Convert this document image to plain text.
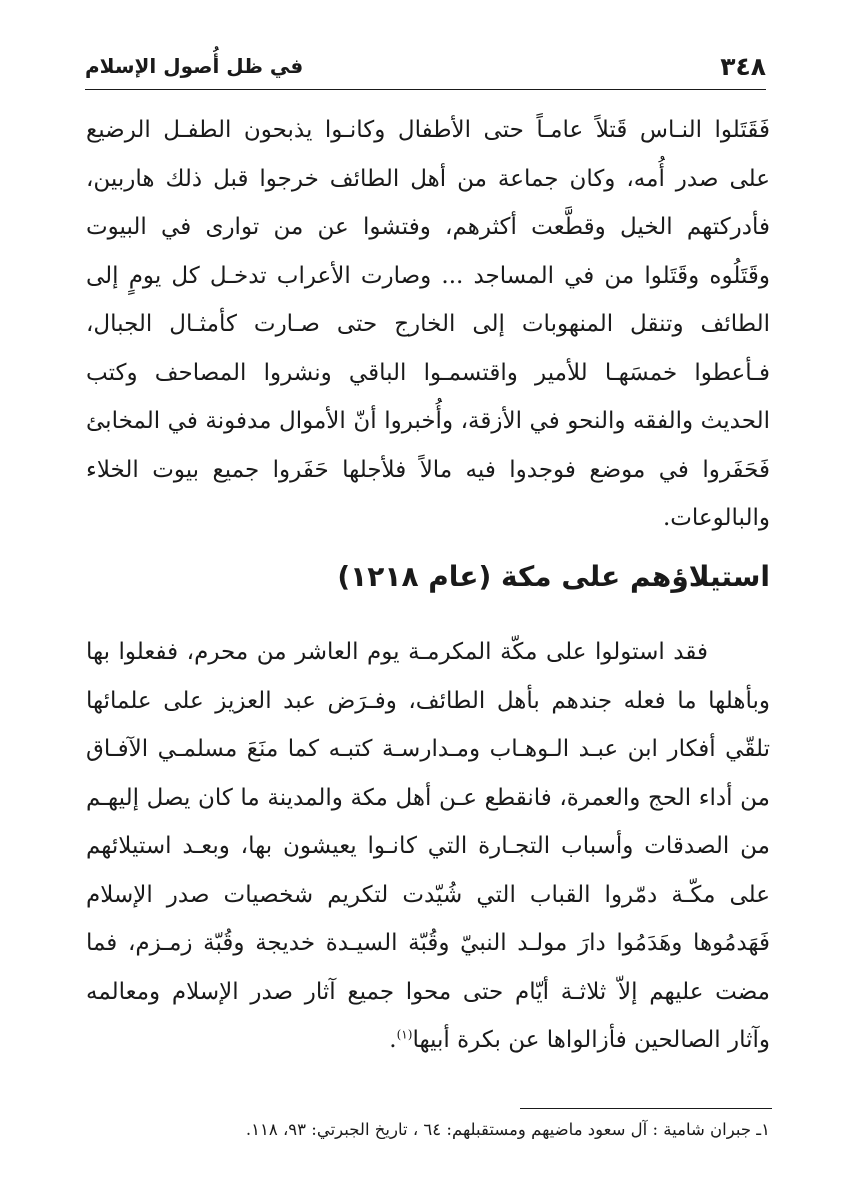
٣٤٨
في ظل أُصول الإسلام

فَقَتَلوا النـاس قَتلاً عامـاً حتى الأطفال وكانـوا يذبحون الطفـل الرضيع على صدر أُمه، وكان جماعة من أهل الطائف خرجوا قبل ذلك هاربين، فأدركتهم الخيل وقطَّعت أكثرهم، وفتشوا عن من توارى في البيوت وقَتَلُوه وقَتَلوا من في المساجد ... وصارت الأعراب تدخـل كل يومٍ إلى الطائف وتنقل المنهوبات إلى الخارج حتى صـارت كأمثـال الجبال، فـأعطوا خمسَهـا للأمير واقتسمـوا الباقي ونشروا المصاحف وكتب الحديث والفقه والنحو في الأزقة، وأُخبروا أنّ الأموال مدفونة في المخابئ فَحَفَروا في موضع فوجدوا فيه مالاً فلأجلها حَفَروا جميع بيوت الخلاء والبالوعات.

استيلاؤهم على مكة (عام ١٢١٨)

فقد استولوا على مكّة المكرمـة يوم العاشر من محرم، ففعلوا بها وبأهلها ما فعله جندهم بأهل الطائف، وفـرَض عبد العزيز على علمائها تلقّي أفكار ابن عبـد الـوهـاب ومـدارسـة كتبـه كما منَعَ مسلمـي الآفـاق من أداء الحج والعمرة، فانقطع عـن أهل مكة والمدينة ما كان يصل إليهـم من الصدقات وأسباب التجـارة التي كانـوا يعيشون بها، وبعـد استيلائهم على مكّـة دمّروا القباب التي شُيّدت لتكريم شخصيات صدر الإسلام فَهَدمُوها وهَدَمُوا دارَ مولـد النبيّ وقُبّة السيـدة خديجة وقُبّة زمـزم، فما مضت عليهم إلاّ ثلاثـة أيّام حتى محوا جميع آثار صدر الإسلام ومعالمه وآثار الصالحين فأزالواها عن بكرة أبيها$^{(١)}$.

١ـ جبران شامية : آل سعود ماضيهم ومستقبلهم: ٦٤ ، تاريخ الجبرتي: ٩٣، ١١٨.
